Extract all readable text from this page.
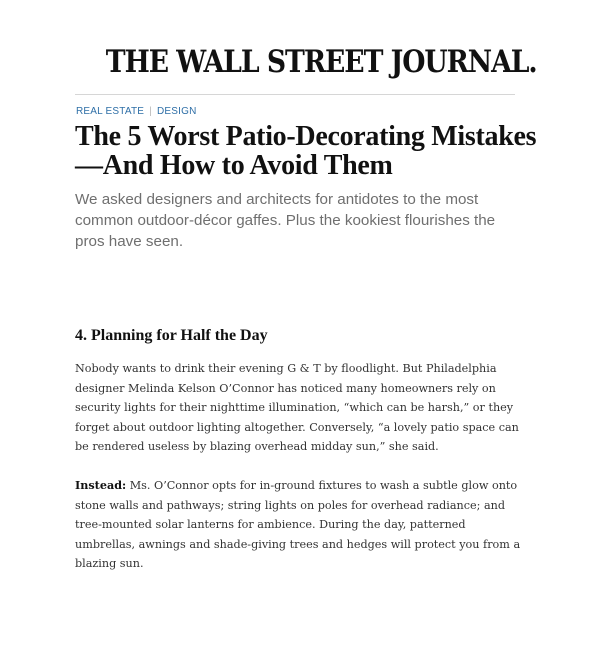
THE WALL STREET JOURNAL.
REAL ESTATE | DESIGN
The 5 Worst Patio-Decorating Mistakes—And How to Avoid Them

We asked designers and architects for antidotes to the most common outdoor-décor gaffes. Plus the kookiest flourishes the pros have seen.

4. Planning for Half the Day

Nobody wants to drink their evening G & T by floodlight. But Philadelphia designer Melinda Kelson O’Connor has noticed many homeowners rely on security lights for their nighttime illumination, “which can be harsh,” or they forget about outdoor lighting altogether. Conversely, “a lovely patio space can be rendered useless by blazing overhead midday sun,” she said.

Instead: Ms. O’Connor opts for in-ground fixtures to wash a subtle glow onto stone walls and pathways; string lights on poles for overhead radiance; and tree-mounted solar lanterns for ambience. During the day, patterned umbrellas, awnings and shade-giving trees and hedges will protect you from a blazing sun.
